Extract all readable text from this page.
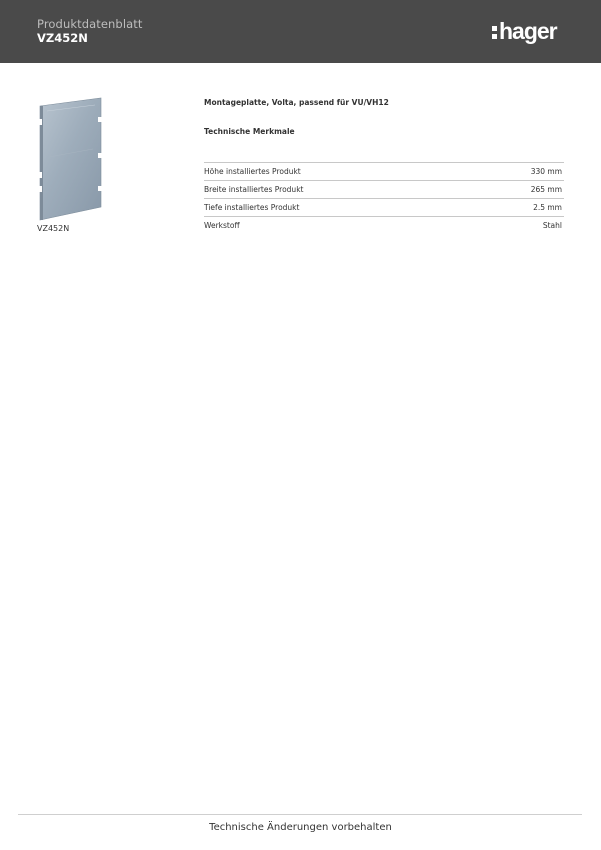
Produktdatenblatt
VZ452N	hager
VZ452N
Montageplatte, Volta, passend für VU/VH12
Technische Merkmale
Höhe installiertes Produkt	330 mm
Breite installiertes Produkt	265 mm
Tiefe installiertes Produkt	2.5 mm
Werkstoff	Stahl
Technische Änderungen vorbehalten
